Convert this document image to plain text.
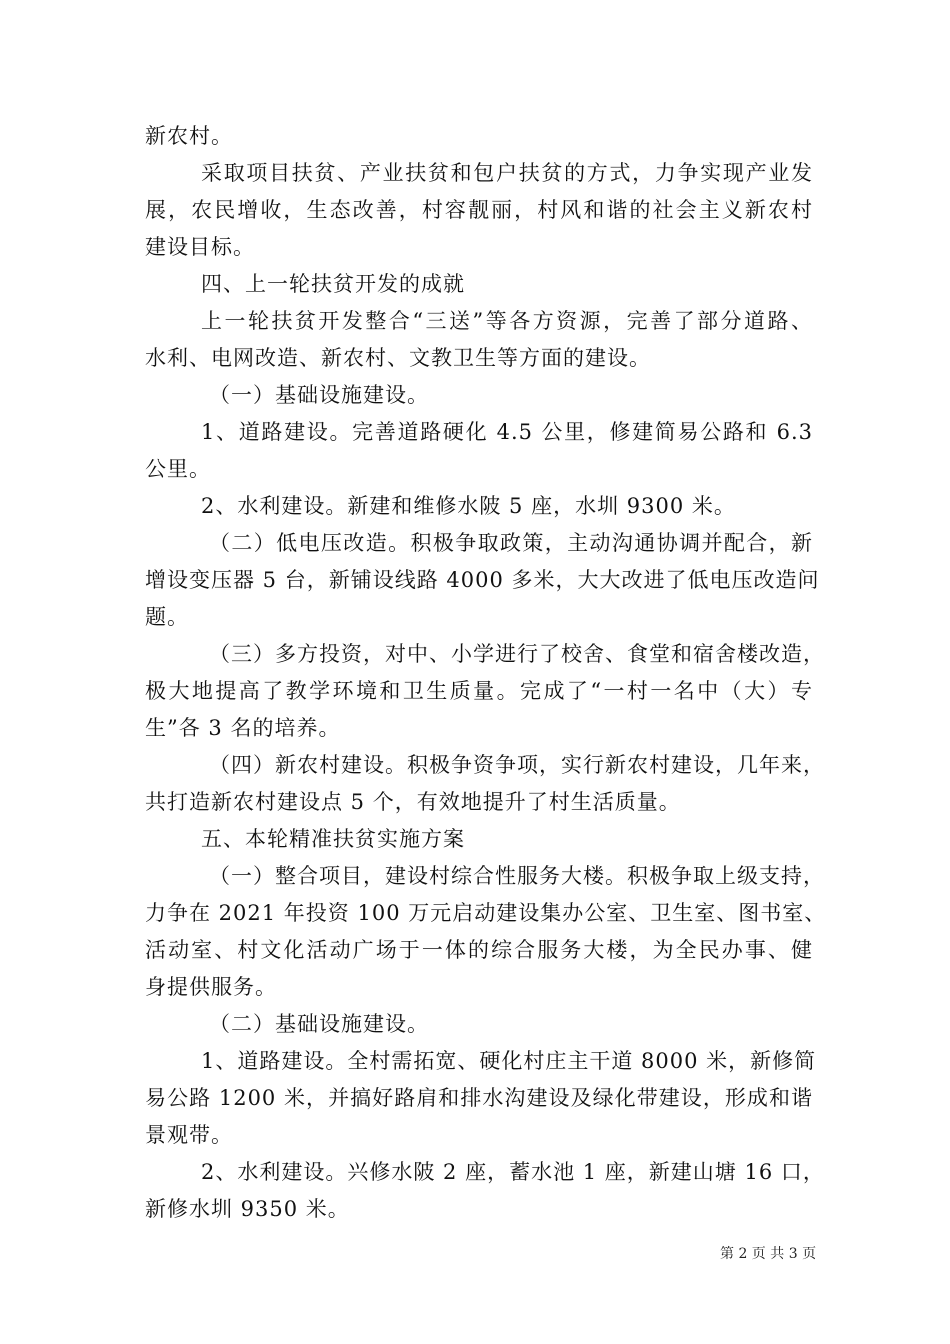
新农村。
采取项目扶贫、产业扶贫和包户扶贫的方式，力争实现产业发
展，农民增收，生态改善，村容靓丽，村风和谐的社会主义新农村
建设目标。
四、上一轮扶贫开发的成就
上一轮扶贫开发整合“三送”等各方资源，完善了部分道路、
水利、电网改造、新农村、文教卫生等方面的建设。
（一）基础设施建设。
1、道路建设。完善道路硬化 4.5 公里，修建简易公路和 6.3
公里。
2、水利建设。新建和维修水陂 5 座，水圳 9300 米。
（二）低电压改造。积极争取政策，主动沟通协调并配合，新
增设变压器 5 台，新铺设线路 4000 多米，大大改进了低电压改造问
题。
（三）多方投资，对中、小学进行了校舍、食堂和宿舍楼改造，
极大地提高了教学环境和卫生质量。完成了“一村一名中（大）专
生”各 3 名的培养。
（四）新农村建设。积极争资争项，实行新农村建设，几年来，
共打造新农村建设点 5 个，有效地提升了村生活质量。
五、本轮精准扶贫实施方案
（一）整合项目，建设村综合性服务大楼。积极争取上级支持，
力争在 2021 年投资 100 万元启动建设集办公室、卫生室、图书室、
活动室、村文化活动广场于一体的综合服务大楼，为全民办事、健
身提供服务。
（二）基础设施建设。
1、道路建设。全村需拓宽、硬化村庄主干道 8000 米，新修简
易公路 1200 米，并搞好路肩和排水沟建设及绿化带建设，形成和谐
景观带。
2、水利建设。兴修水陂 2 座，蓄水池 1 座，新建山塘 16 口，
新修水圳 9350 米。
第 2 页 共 3 页
